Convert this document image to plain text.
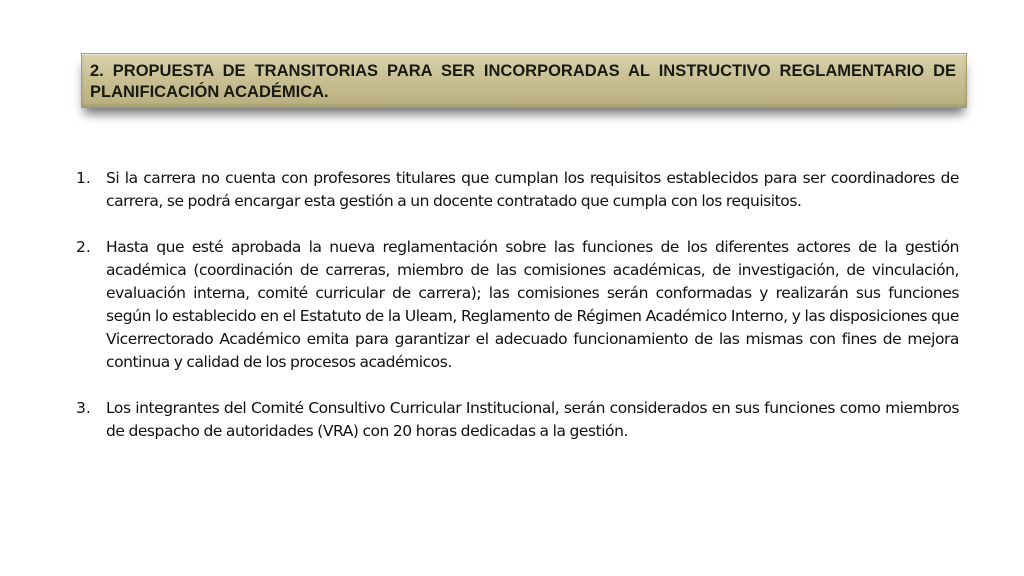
2. PROPUESTA DE TRANSITORIAS PARA SER INCORPORADAS AL INSTRUCTIVO REGLAMENTARIO DE PLANIFICACIÓN ACADÉMICA.

1. Si la carrera no cuenta con profesores titulares que cumplan los requisitos establecidos para ser coordinadores de carrera, se podrá encargar esta gestión a un docente contratado que cumpla con los requisitos.
2. Hasta que esté aprobada la nueva reglamentación sobre las funciones de los diferentes actores de la gestión académica (coordinación de carreras, miembro de las comisiones académicas, de investigación, de vinculación, evaluación interna, comité curricular de carrera); las comisiones serán conformadas y realizarán sus funciones según lo establecido en el Estatuto de la Uleam, Reglamento de Régimen Académico Interno, y las disposiciones que Vicerrectorado Académico emita para garantizar el adecuado funcionamiento de las mismas con fines de mejora continua y calidad de los procesos académicos.
3. Los integrantes del Comité Consultivo Curricular Institucional, serán considerados en sus funciones como miembros de despacho de autoridades (VRA) con 20 horas dedicadas a la gestión.
